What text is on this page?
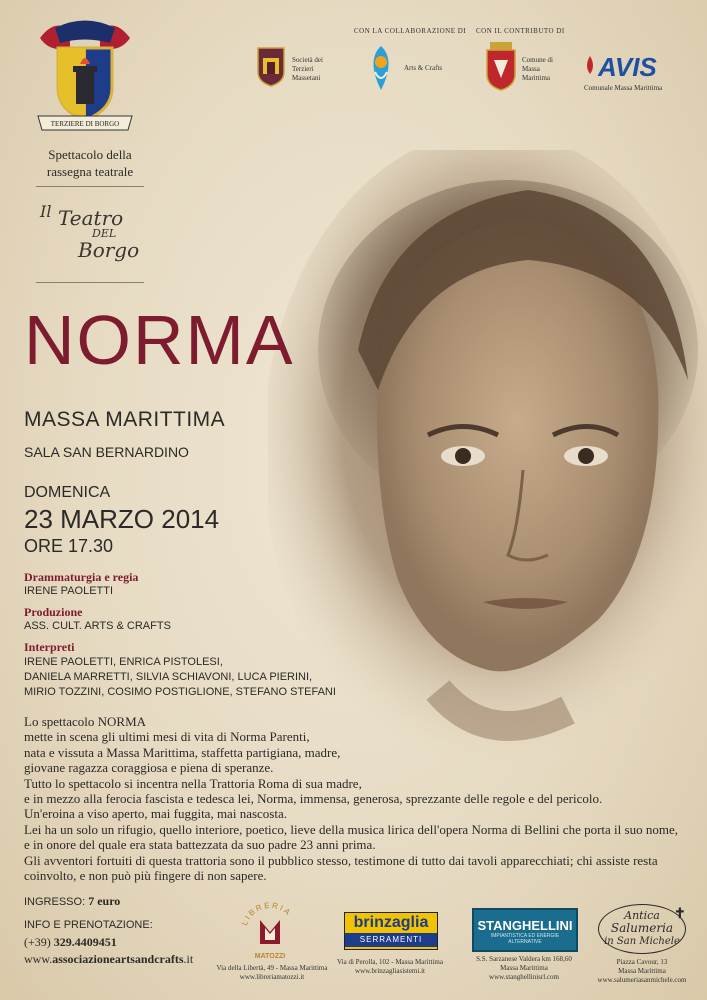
TERZIERE DI BORGO
Spettacolo della
rassegna teatrale
Il Teatro
DEL
Borgo
CON LA COLLABORAZIONE DI CON IL CONTRIBUTO DI
Società dei
Terzieri
Massetani
Arts & Crafts
Comune di
Massa
Marittima AVIS
Comunale Massa Marittima
NORMA
MASSA MARITTIMA
SALA SAN BERNARDINO
DOMENICA
23 MARZO 2014
ORE 17.30
Drammaturgia e regia
IRENE PAOLETTI
Produzione
ASS. CULT. ARTS & CRAFTS
Interpreti
IRENE PAOLETTI, ENRICA PISTOLESI,
DANIELA MARRETTI, SILVIA SCHIAVONI, LUCA PIERINI,
MIRIO TOZZINI, COSIMO POSTIGLIONE, STEFANO STEFANI
Lo spettacolo NORMA
mette in scena gli ultimi mesi di vita di Norma Parenti,
nata e vissuta a Massa Marittima, staffetta partigiana, madre,
giovane ragazza coraggiosa e piena di speranze.
Tutto lo spettacolo si incentra nella Trattoria Roma di sua madre,
e in mezzo alla ferocia fascista e tedesca lei, Norma, immensa, generosa, sprezzante delle regole e del pericolo.
Un'eroina a viso aperto, mai fuggita, mai nascosta.
Lei ha un solo un rifugio, quello interiore, poetico, lieve della musica lirica dell'opera Norma di Bellini che porta il suo nome,
e in onore del quale era stata battezzata da suo padre 23 anni prima.
Gli avventori fortuiti di questa trattoria sono il pubblico stesso, testimone di tutto dai tavoli apparecchiati; chi assiste resta
coinvolto, e non può più fingere di non sapere.
INGRESSO: 7 euro
INFO E PRENOTAZIONE:
(+39) 329.4409451
www.associazioneartsandcrafts.it
LIBRERIA
MATOZZI
Via della Libertà, 49 - Massa Marittima
www.libreriamatozzi.it
brinzaglia
SERRAMENTI
Via di Perolla, 102 - Massa Marittima
www.brinzagliasistemi.it
STANGHELLINI
IMPIANTISTICA ED ENERGIE ALTERNATIVE
S.S. Sarzanese Valdera km 168,60
Massa Marittima
www.stanghellinisrl.com
Antica
Salumeria
in San Michele
✝
Piazza Cavour, 13
Massa Marittima
www.salumeriasanmichele.com
